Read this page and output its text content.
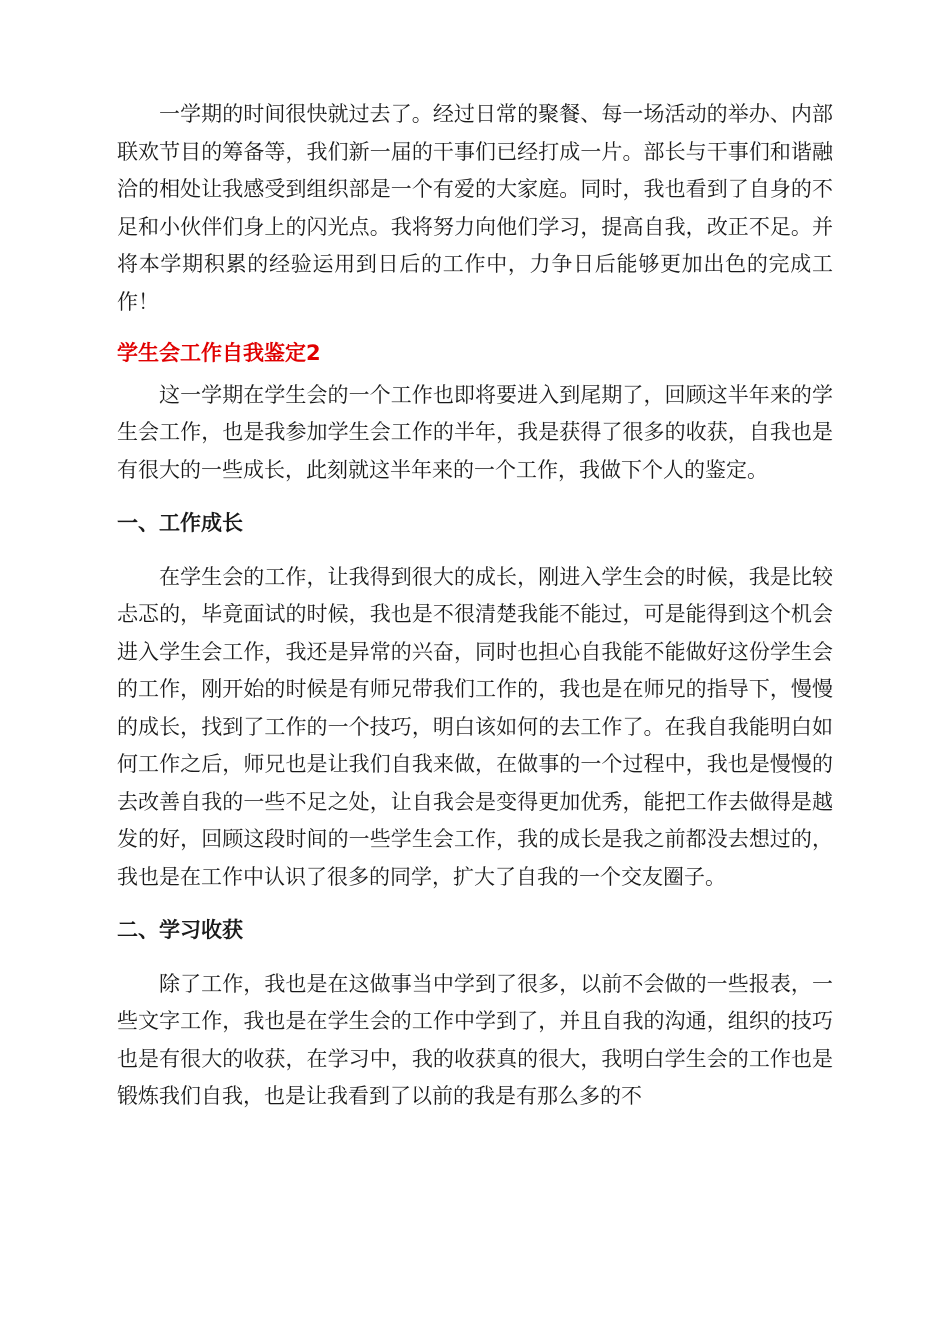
一学期的时间很快就过去了。经过日常的聚餐、每一场活动的举办、内部联欢节目的筹备等，我们新一届的干事们已经打成一片。部长与干事们和谐融洽的相处让我感受到组织部是一个有爱的大家庭。同时，我也看到了自身的不足和小伙伴们身上的闪光点。我将努力向他们学习，提高自我，改正不足。并将本学期积累的经验运用到日后的工作中，力争日后能够更加出色的完成工作！

学生会工作自我鉴定2

这一学期在学生会的一个工作也即将要进入到尾期了，回顾这半年来的学生会工作，也是我参加学生会工作的半年，我是获得了很多的收获，自我也是有很大的一些成长，此刻就这半年来的一个工作，我做下个人的鉴定。

一、工作成长

在学生会的工作，让我得到很大的成长，刚进入学生会的时候，我是比较忐忑的，毕竟面试的时候，我也是不很清楚我能不能过，可是能得到这个机会进入学生会工作，我还是异常的兴奋，同时也担心自我能不能做好这份学生会的工作，刚开始的时候是有师兄带我们工作的，我也是在师兄的指导下，慢慢的成长，找到了工作的一个技巧，明白该如何的去工作了。在我自我能明白如何工作之后，师兄也是让我们自我来做，在做事的一个过程中，我也是慢慢的去改善自我的一些不足之处，让自我会是变得更加优秀，能把工作去做得是越发的好，回顾这段时间的一些学生会工作，我的成长是我之前都没去想过的，我也是在工作中认识了很多的同学，扩大了自我的一个交友圈子。

二、学习收获

除了工作，我也是在这做事当中学到了很多，以前不会做的一些报表，一些文字工作，我也是在学生会的工作中学到了，并且自我的沟通，组织的技巧也是有很大的收获，在学习中，我的收获真的很大，我明白学生会的工作也是锻炼我们自我，也是让我看到了以前的我是有那么多的不
